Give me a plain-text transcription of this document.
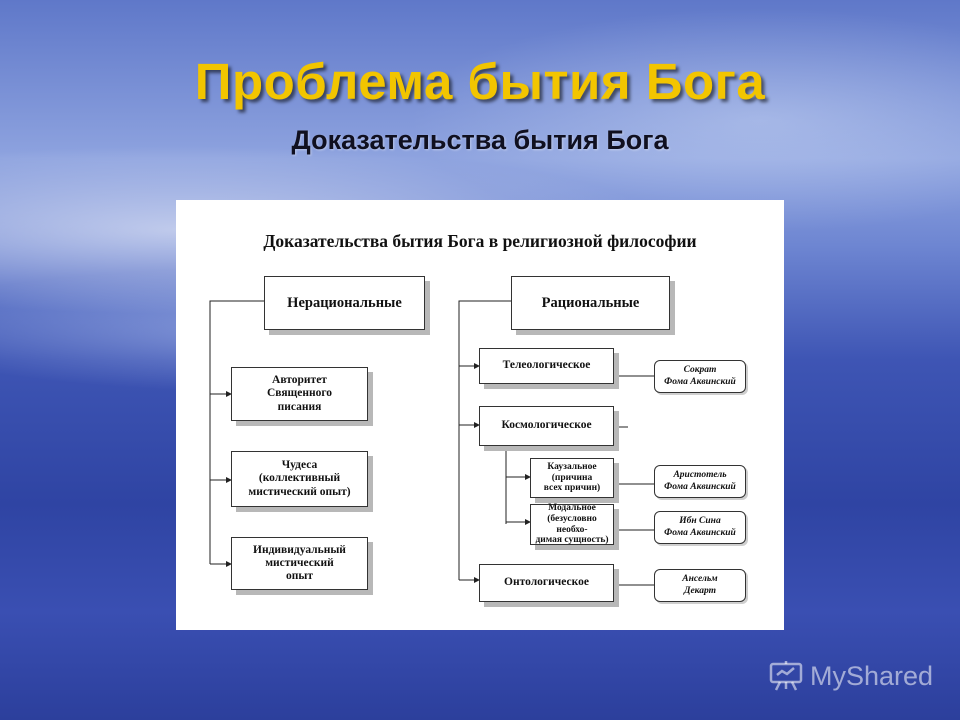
Проблема бытия Бога
Доказательства бытия Бога
Доказательства бытия Бога в религиозной философии
Нерациональные
Авторитет
Священного
писания
Чудеса
(коллективный
мистический опыт)
Индивидуальный
мистический
опыт
Рациональные
Телеологическое
Космологическое
Каузальное
(причина
всех причин)
Модальное
(безусловно необхо-
димая сущность)
Онтологическое
Сократ
Фома Аквинский
Аристотель
Фома Аквинский
Ибн Сина
Фома Аквинский
Ансельм
Декарт
MyShared
